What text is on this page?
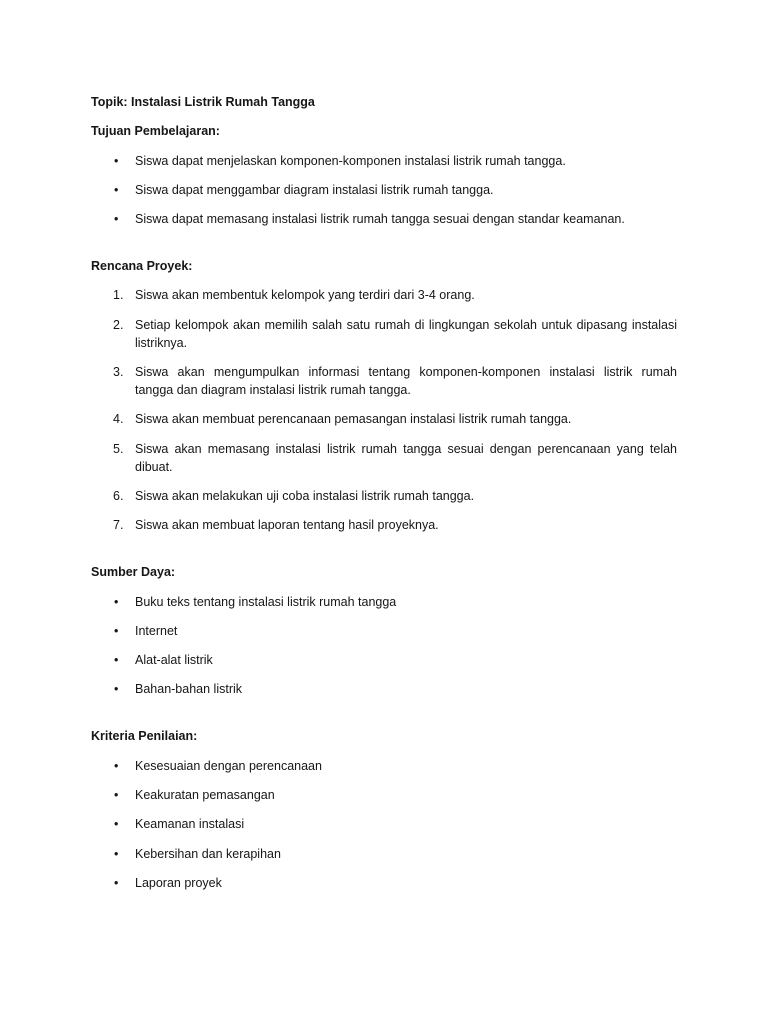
Topik: Instalasi Listrik Rumah Tangga

Tujuan Pembelajaran:

• Siswa dapat menjelaskan komponen-komponen instalasi listrik rumah tangga.
• Siswa dapat menggambar diagram instalasi listrik rumah tangga.
• Siswa dapat memasang instalasi listrik rumah tangga sesuai dengan standar keamanan.

Rencana Proyek:

1. Siswa akan membentuk kelompok yang terdiri dari 3-4 orang.
2. Setiap kelompok akan memilih salah satu rumah di lingkungan sekolah untuk dipasang instalasi
listriknya.
3. Siswa akan mengumpulkan informasi tentang komponen-komponen instalasi listrik rumah
tangga dan diagram instalasi listrik rumah tangga.
4. Siswa akan membuat perencanaan pemasangan instalasi listrik rumah tangga.
5. Siswa akan memasang instalasi listrik rumah tangga sesuai dengan perencanaan yang telah
dibuat.
6. Siswa akan melakukan uji coba instalasi listrik rumah tangga.
7. Siswa akan membuat laporan tentang hasil proyeknya.

Sumber Daya:

• Buku teks tentang instalasi listrik rumah tangga
• Internet
• Alat-alat listrik
• Bahan-bahan listrik

Kriteria Penilaian:

• Kesesuaian dengan perencanaan
• Keakuratan pemasangan
• Keamanan instalasi
• Kebersihan dan kerapihan
• Laporan proyek
